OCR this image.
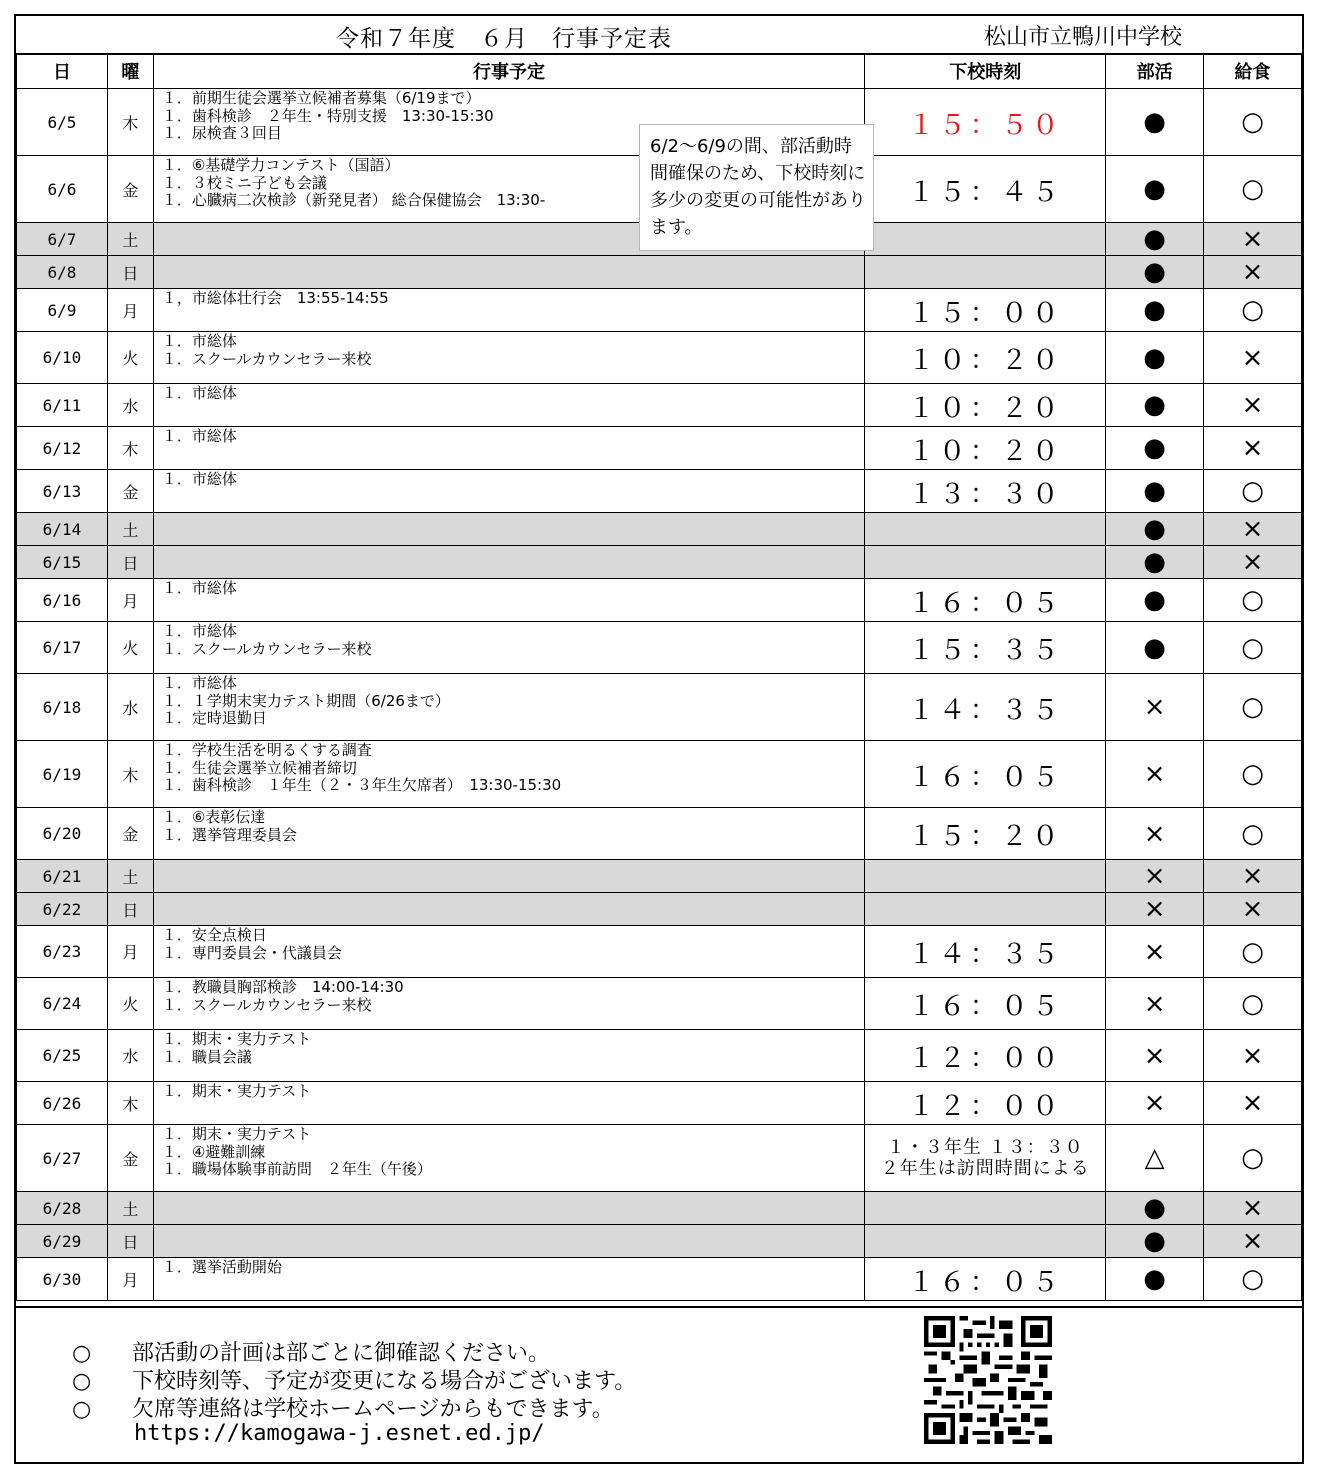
令和７年度　６月　行事予定表	松山市立鴨川中学校
日	曜	行事予定	下校時刻	部活	給食
6/5	木	１．前期生徒会選挙立候補者募集（6/19まで）
１．歯科検診　２年生・特別支援　13:30-15:30
１．尿検査３回目	１５：５０	●	○
6/6	金	１．⑥基礎学力コンテスト（国語）
１．３校ミニ子ども会議
１．心臓病二次検診（新発見者） 総合保健協会　13:30-	１５：４５	●	○
6/7	土			●	×
6/8	日			●	×
6/9	月	１，市総体壮行会　13:55-14:55	１５：００	●	○
6/10	火	１．市総体
１．スクールカウンセラー来校	１０：２０	●	×
6/11	水	１．市総体	１０：２０	●	×
6/12	木	１．市総体	１０：２０	●	×
6/13	金	１．市総体	１３：３０	●	○
6/14	土			●	×
6/15	日			●	×
6/16	月	１．市総体	１６：０５	●	○
6/17	火	１．市総体
１．スクールカウンセラー来校	１５：３５	●	○
6/18	水	１．市総体
１．１学期末実力テスト期間（6/26まで）
１．定時退勤日	１４：３５	×	○
6/19	木	１．学校生活を明るくする調査
１．生徒会選挙立候補者締切
１．歯科検診　１年生（２・３年生欠席者）　13:30-15:30	１６：０５	×	○
6/20	金	１．⑥表彰伝達
１．選挙管理委員会	１５：２０	×	○
6/21	土			×	×
6/22	日			×	×
6/23	月	１．安全点検日
１．専門委員会・代議員会	１４：３５	×	○
6/24	火	１．教職員胸部検診　14:00-14:30
１．スクールカウンセラー来校	１６：０５	×	○
6/25	水	１．期末・実力テスト
１．職員会議	１２：００	×	×
6/26	木	１．期末・実力テスト	１２：００	×	×
6/27	金	１．期末・実力テスト
１．④避難訓練
１．職場体験事前訪問　２年生（午後）	１・３年生 １３：３０
２年生は訪問時間による	△	○
6/28	土			●	×
6/29	日			●	×
6/30	月	１．選挙活動開始	１６：０５	●	○
6/2～6/9の間、部活動時間確保のため、下校時刻に多少の変更の可能性があります。
○ 部活動の計画は部ごとに御確認ください。
○ 下校時刻等、予定が変更になる場合がございます。
○ 欠席等連絡は学校ホームページからもできます。
https://kamogawa-j.esnet.ed.jp/
